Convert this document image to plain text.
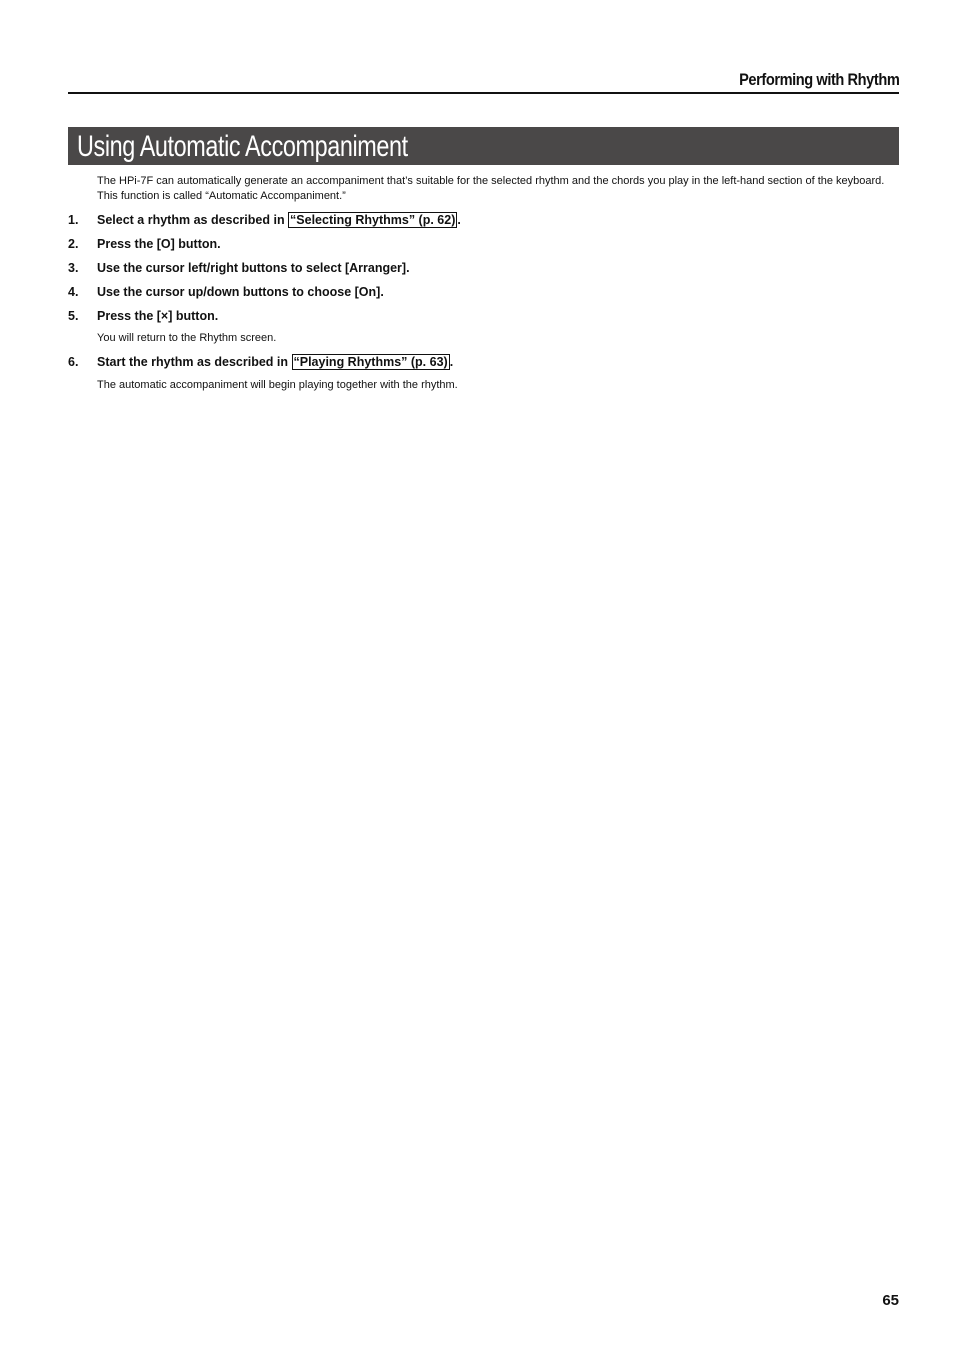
Performing with Rhythm
Using Automatic Accompaniment
The HPi-7F can automatically generate an accompaniment that’s suitable for the selected rhythm and the chords you play in the left-hand section of the keyboard. This function is called “Automatic Accompaniment.”
1. Select a rhythm as described in “Selecting Rhythms” (p. 62) .
2. Press the [O] button.
3. Use the cursor left/right buttons to select [Arranger].
4. Use the cursor up/down buttons to choose [On].
5. Press the [×] button.
You will return to the Rhythm screen.
6. Start the rhythm as described in “Playing Rhythms” (p. 63) .
The automatic accompaniment will begin playing together with the rhythm.
65
